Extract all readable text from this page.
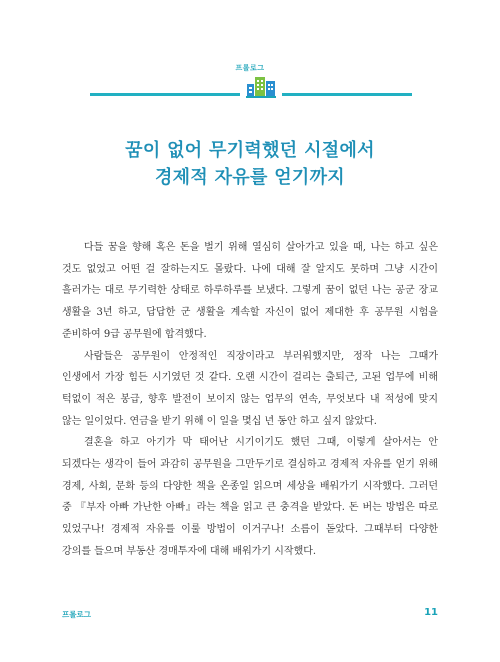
프롤로그
꿈이 없어 무기력했던 시절에서
경제적 자유를 얻기까지

다들 꿈을 향해 혹은 돈을 벌기 위해 열심히 살아가고 있을 때, 나는 하고 싶은 것도 없었고 어떤 걸 잘하는지도 몰랐다. 나에 대해 잘 알지도 못하며 그냥 시간이 흘러가는 대로 무기력한 상태로 하루하루를 보냈다. 그렇게 꿈이 없던 나는 공군 장교 생활을 3년 하고, 답답한 군 생활을 계속할 자신이 없어 제대한 후 공무원 시험을 준비하여 9급 공무원에 합격했다.

사람들은 공무원이 안정적인 직장이라고 부러워했지만, 정작 나는 그때가 인생에서 가장 힘든 시기였던 것 같다. 오랜 시간이 걸리는 출퇴근, 고된 업무에 비해 턱없이 적은 봉급, 향후 발전이 보이지 않는 업무의 연속, 무엇보다 내 적성에 맞지 않는 일이었다. 연금을 받기 위해 이 일을 몇십 년 동안 하고 싶지 않았다.

결혼을 하고 아기가 막 태어난 시기이기도 했던 그때, 이렇게 살아서는 안 되겠다는 생각이 들어 과감히 공무원을 그만두기로 결심하고 경제적 자유를 얻기 위해 경제, 사회, 문화 등의 다양한 책을 온종일 읽으며 세상을 배워가기 시작했다. 그러던 중 『부자 아빠 가난한 아빠』라는 책을 읽고 큰 충격을 받았다. 돈 버는 방법은 따로 있었구나! 경제적 자유를 이룰 방법이 이거구나! 소름이 돋았다. 그때부터 다양한 강의를 들으며 부동산 경매투자에 대해 배워가기 시작했다.

프롤로그	11
